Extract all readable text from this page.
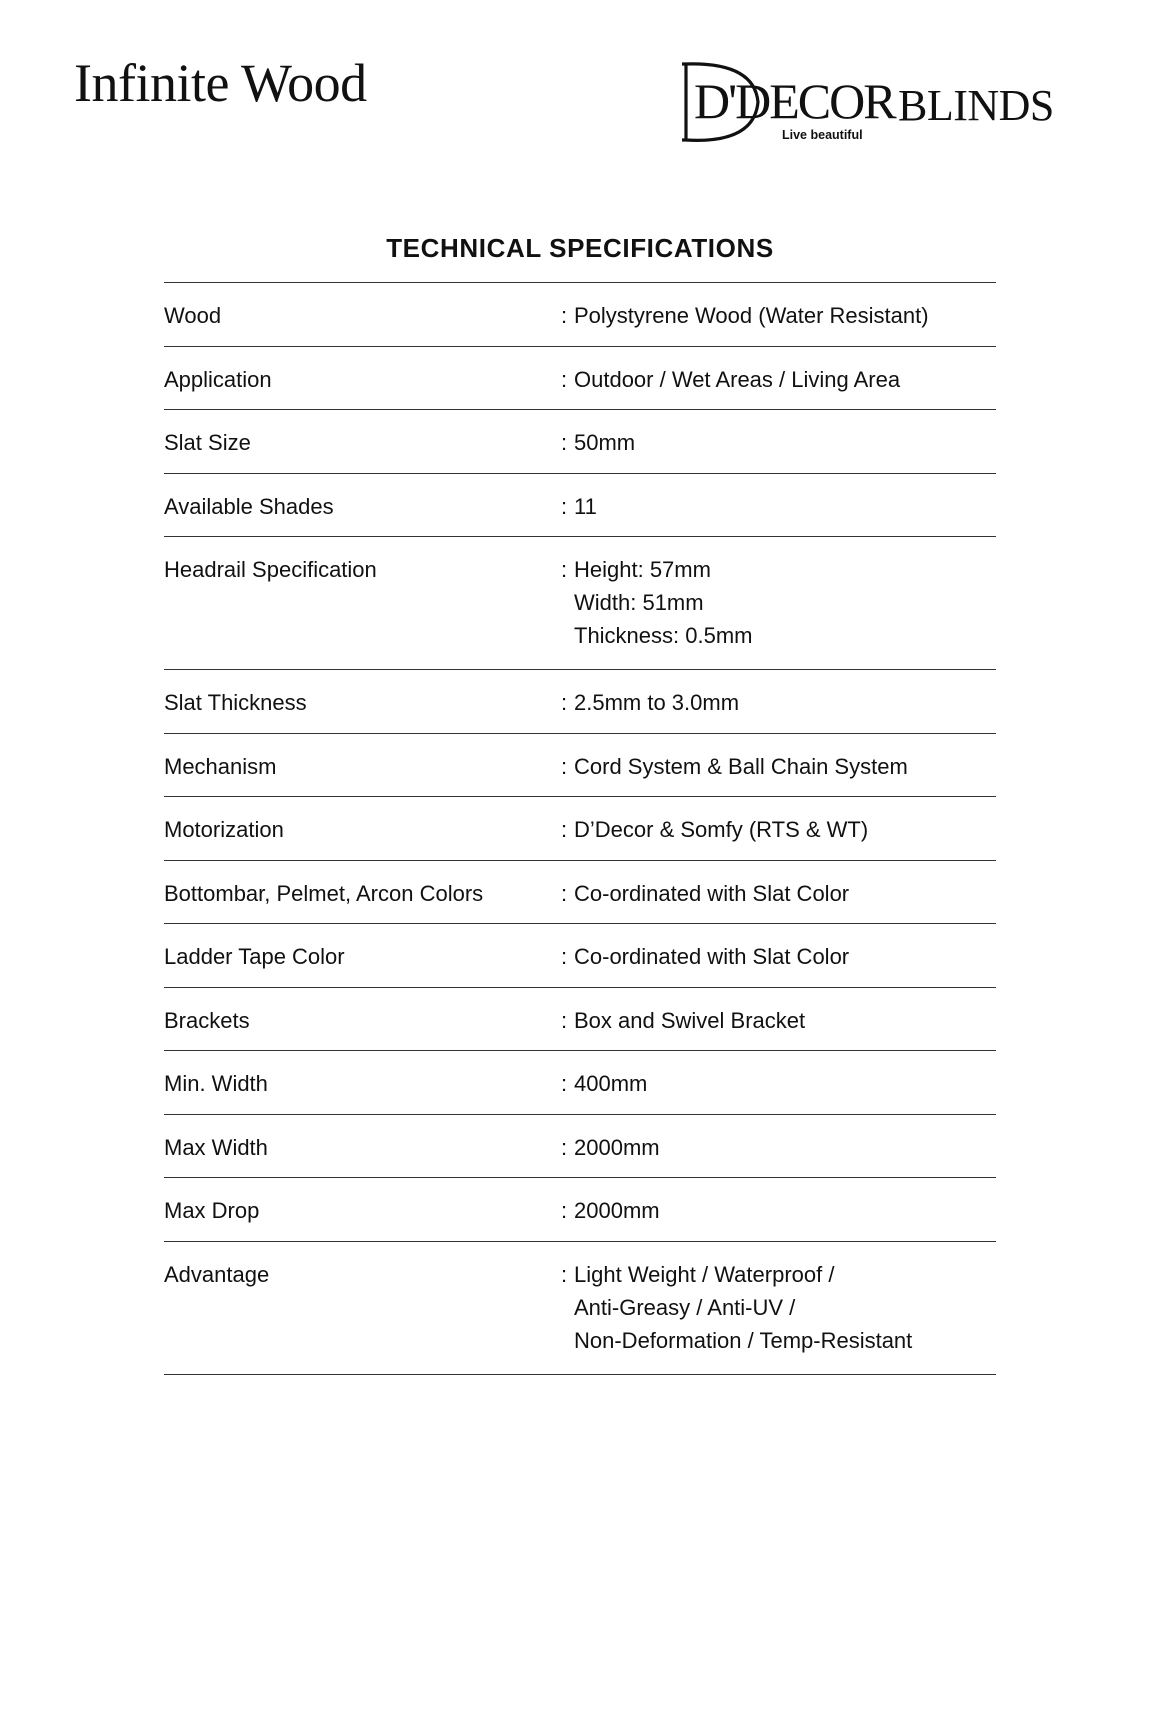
Infinite Wood	D'DECOR BLINDS
Live beautiful
TECHNICAL SPECIFICATIONS
Wood	: Polystyrene Wood (Water Resistant)
Application	: Outdoor / Wet Areas / Living Area
Slat Size	: 50mm
Available Shades	: 11
Headrail Specification	: Height: 57mm
Width: 51mm
Thickness: 0.5mm
Slat Thickness	: 2.5mm to 3.0mm
Mechanism	: Cord System & Ball Chain System
Motorization	: D’Decor & Somfy (RTS & WT)
Bottombar, Pelmet, Arcon Colors	: Co-ordinated with Slat Color
Ladder Tape Color	: Co-ordinated with Slat Color
Brackets	: Box and Swivel Bracket
Min. Width	: 400mm
Max Width	: 2000mm
Max Drop	: 2000mm
Advantage	: Light Weight / Waterproof /
Anti-Greasy / Anti-UV /
Non-Deformation / Temp-Resistant
